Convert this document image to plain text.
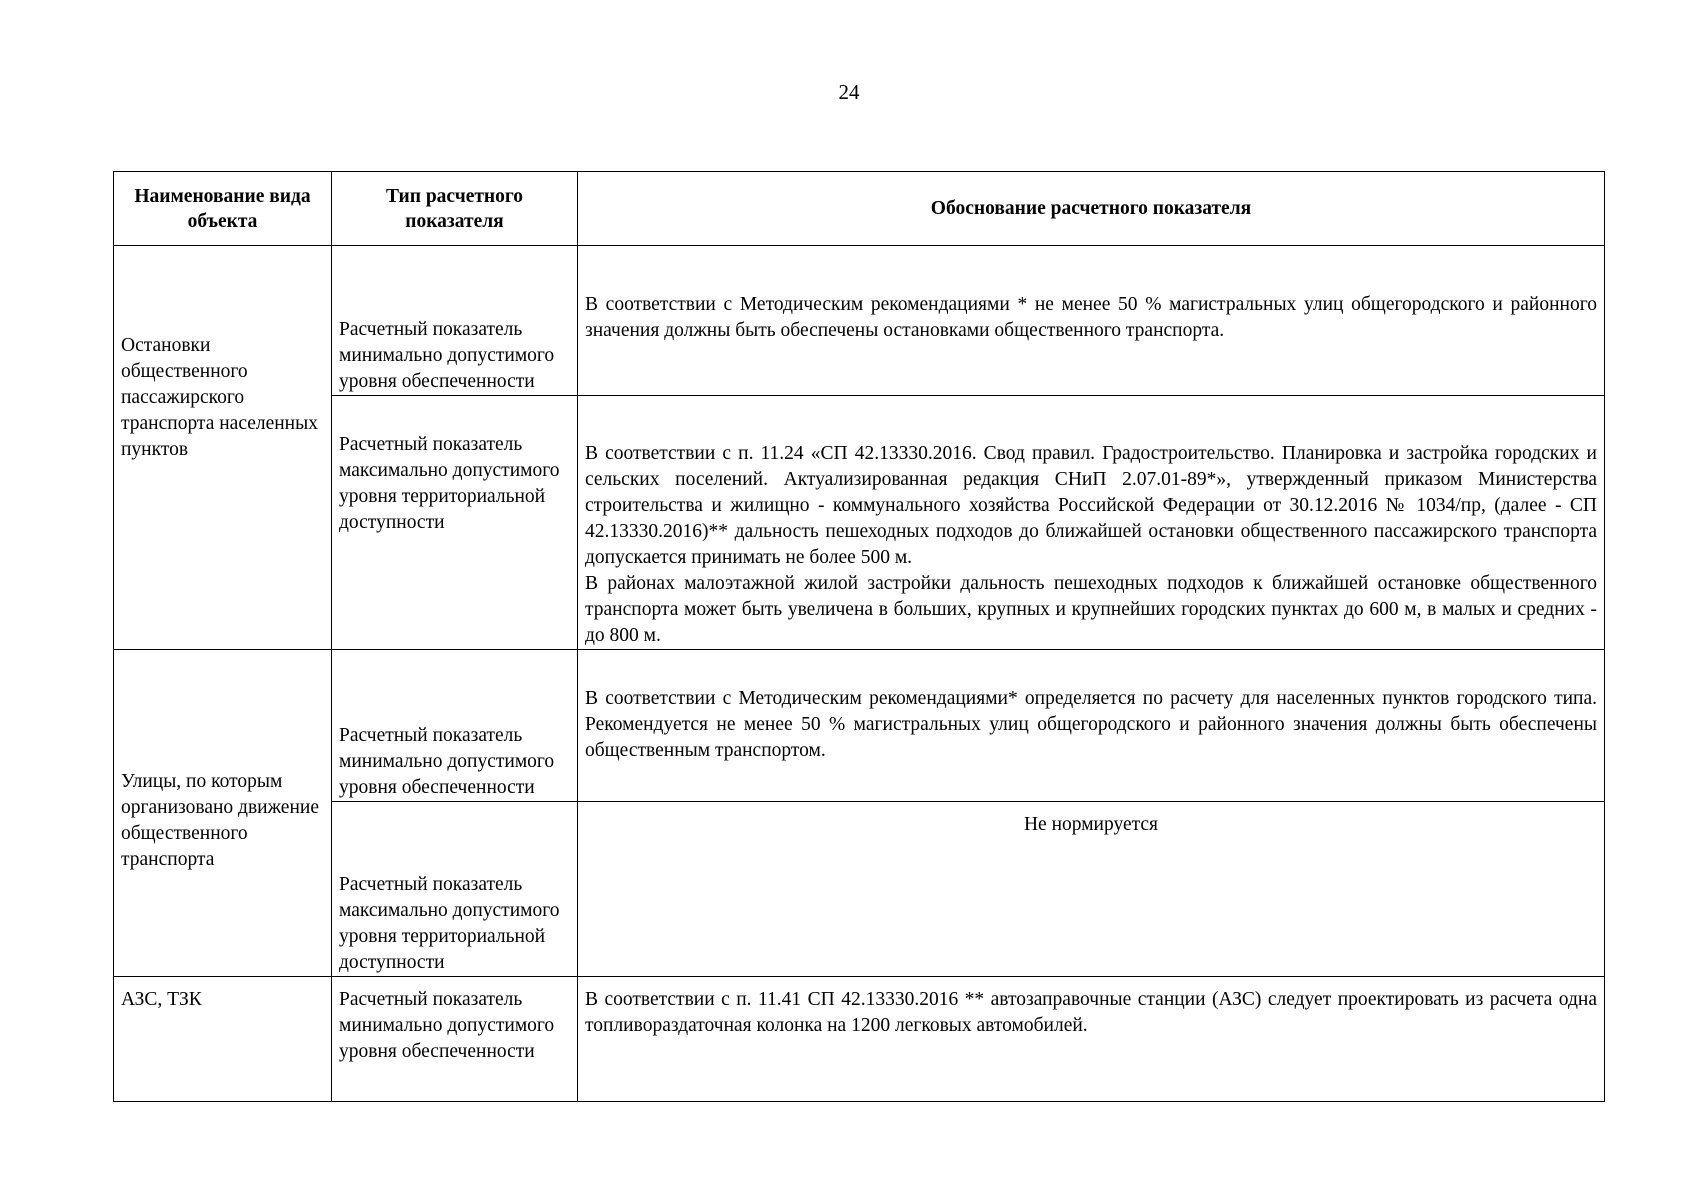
24
Наименование вида объекта	Тип расчетного показателя	Обоснование расчетного показателя
Остановки общественного пассажирского транспорта населенных пунктов	Расчетный показатель минимально допустимого уровня обеспеченности	В соответствии с Методическим рекомендациями * не менее 50 % магистральных улиц общегородского и районного значения должны быть обеспечены остановками общественного транспорта.

	Расчетный показатель максимально допустимого уровня территориальной доступности	В соответствии с п. 11.24 «СП 42.13330.2016. Свод правил. Градостроительство. Планировка и застройка городских и сельских поселений. Актуализированная редакция СНиП 2.07.01-89*», утвержденный приказом Министерства строительства и жилищно - коммунального хозяйства Российской Федерации от 30.12.2016 № 1034/пр, (далее - СП 42.13330.2016)** дальность пешеходных подходов до ближайшей остановки общественного пассажирского транспорта допускается принимать не более 500 м.
В районах малоэтажной жилой застройки дальность пешеходных подходов к ближайшей остановке общественного транспорта может быть увеличена в больших, крупных и крупнейших городских пунктах до 600 м, в малых и средних - до 800 м.

Улицы, по которым организовано движение общественного транспорта	Расчетный показатель минимально допустимого уровня обеспеченности	В соответствии с Методическим рекомендациями* определяется по расчету для населенных пунктов городского типа. Рекомендуется не менее 50 % магистральных улиц общегородского и районного значения должны быть обеспечены общественным транспортом.

	Расчетный показатель максимально допустимого уровня территориальной доступности	Не нормируется

АЗС, ТЗК	Расчетный показатель минимально допустимого уровня обеспеченности	В соответствии с п. 11.41 СП 42.13330.2016 ** автозаправочные станции (АЗС) следует проектировать из расчета одна топливораздаточная колонка на 1200 легковых автомобилей.
